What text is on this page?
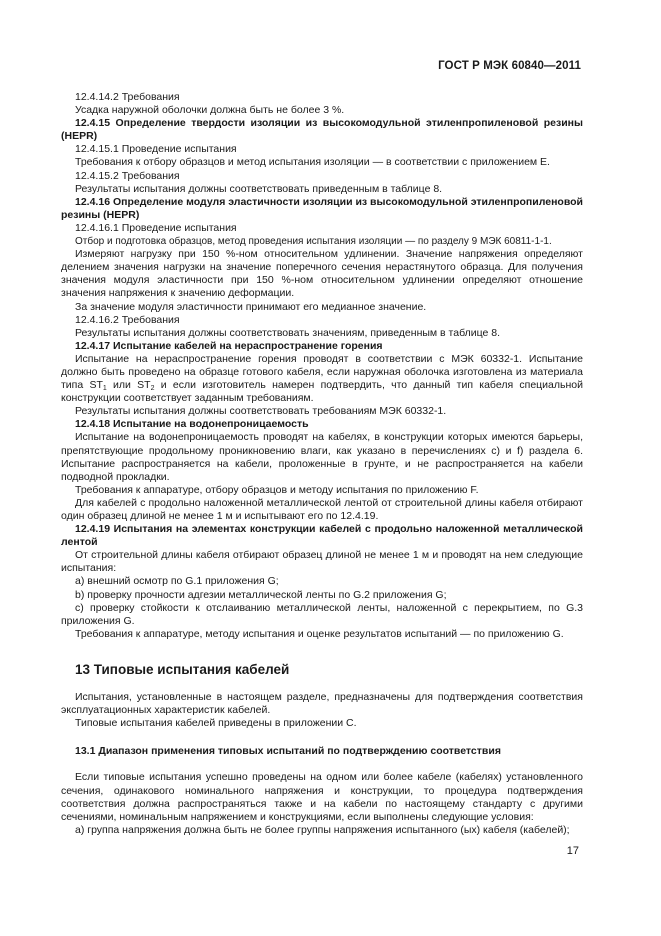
ГОСТ Р МЭК 60840—2011

12.4.14.2 Требования

Усадка наружной оболочки должна быть не более 3 %.

12.4.15 Определение твердости изоляции из высокомодульной этиленпропиленовой резины (HEPR)

12.4.15.1 Проведение испытания

Требования к отбору образцов и метод испытания изоляции — в соответствии с приложением Е.

12.4.15.2 Требования

Результаты испытания должны соответствовать приведенным в таблице 8.

12.4.16 Определение модуля эластичности изоляции из высокомодульной этиленпропиленовой резины (HEPR)

12.4.16.1 Проведение испытания

Отбор и подготовка образцов, метод проведения испытания изоляции — по разделу 9 МЭК 60811-1-1.

Измеряют нагрузку при 150 %-ном относительном удлинении. Значение напряжения определяют делением значения нагрузки на значение поперечного сечения нерастянутого образца. Для получения значения модуля эластичности при 150 %-ном относительном удлинении определяют отношение значения напряжения к значению деформации.

За значение модуля эластичности принимают его медианное значение.

12.4.16.2 Требования

Результаты испытания должны соответствовать значениям, приведенным в таблице 8.

12.4.17 Испытание кабелей на нераспространение горения

Испытание на нераспространение горения проводят в соответствии с МЭК 60332-1. Испытание должно быть проведено на образце готового кабеля, если наружная оболочка изготовлена из материала типа $ST_1$ или $ST_2$ и если изготовитель намерен подтвердить, что данный тип кабеля специальной конструкции соответствует заданным требованиям.

Результаты испытания должны соответствовать требованиям МЭК 60332-1.

12.4.18 Испытание на водонепроницаемость

Испытание на водонепроницаемость проводят на кабелях, в конструкции которых имеются барьеры, препятствующие продольному проникновению влаги, как указано в перечислениях с) и f) раздела 6. Испытание распространяется на кабели, проложенные в грунте, и не распространяется на кабели подводной прокладки.

Требования к аппаратуре, отбору образцов и методу испытания по приложению F.

Для кабелей с продольно наложенной металлической лентой от строительной длины кабеля отбирают один образец длиной не менее 1 м и испытывают его по 12.4.19.

12.4.19 Испытания на элементах конструкции кабелей с продольно наложенной металлической лентой

От строительной длины кабеля отбирают образец длиной не менее 1 м и проводят на нем следующие испытания:

а) внешний осмотр по G.1 приложения G;

b) проверку прочности адгезии металлической ленты по G.2 приложения G;

с) проверку стойкости к отслаиванию металлической ленты, наложенной с перекрытием, по G.3 приложения G.

Требования к аппаратуре, методу испытания и оценке результатов испытаний — по приложению G.

13 Типовые испытания кабелей

Испытания, установленные в настоящем разделе, предназначены для подтверждения соответствия эксплуатационных характеристик кабелей.

Типовые испытания кабелей приведены в приложении С.

13.1 Диапазон применения типовых испытаний по подтверждению соответствия

Если типовые испытания успешно проведены на одном или более кабеле (кабелях) установленного сечения, одинакового номинального напряжения и конструкции, то процедура подтверждения соответствия должна распространяться также и на кабели по настоящему стандарту с другими сечениями, номинальным напряжением и конструкциями, если выполнены следующие условия:

а) группа напряжения должна быть не более группы напряжения испытанного (ых) кабеля (кабелей);

17
